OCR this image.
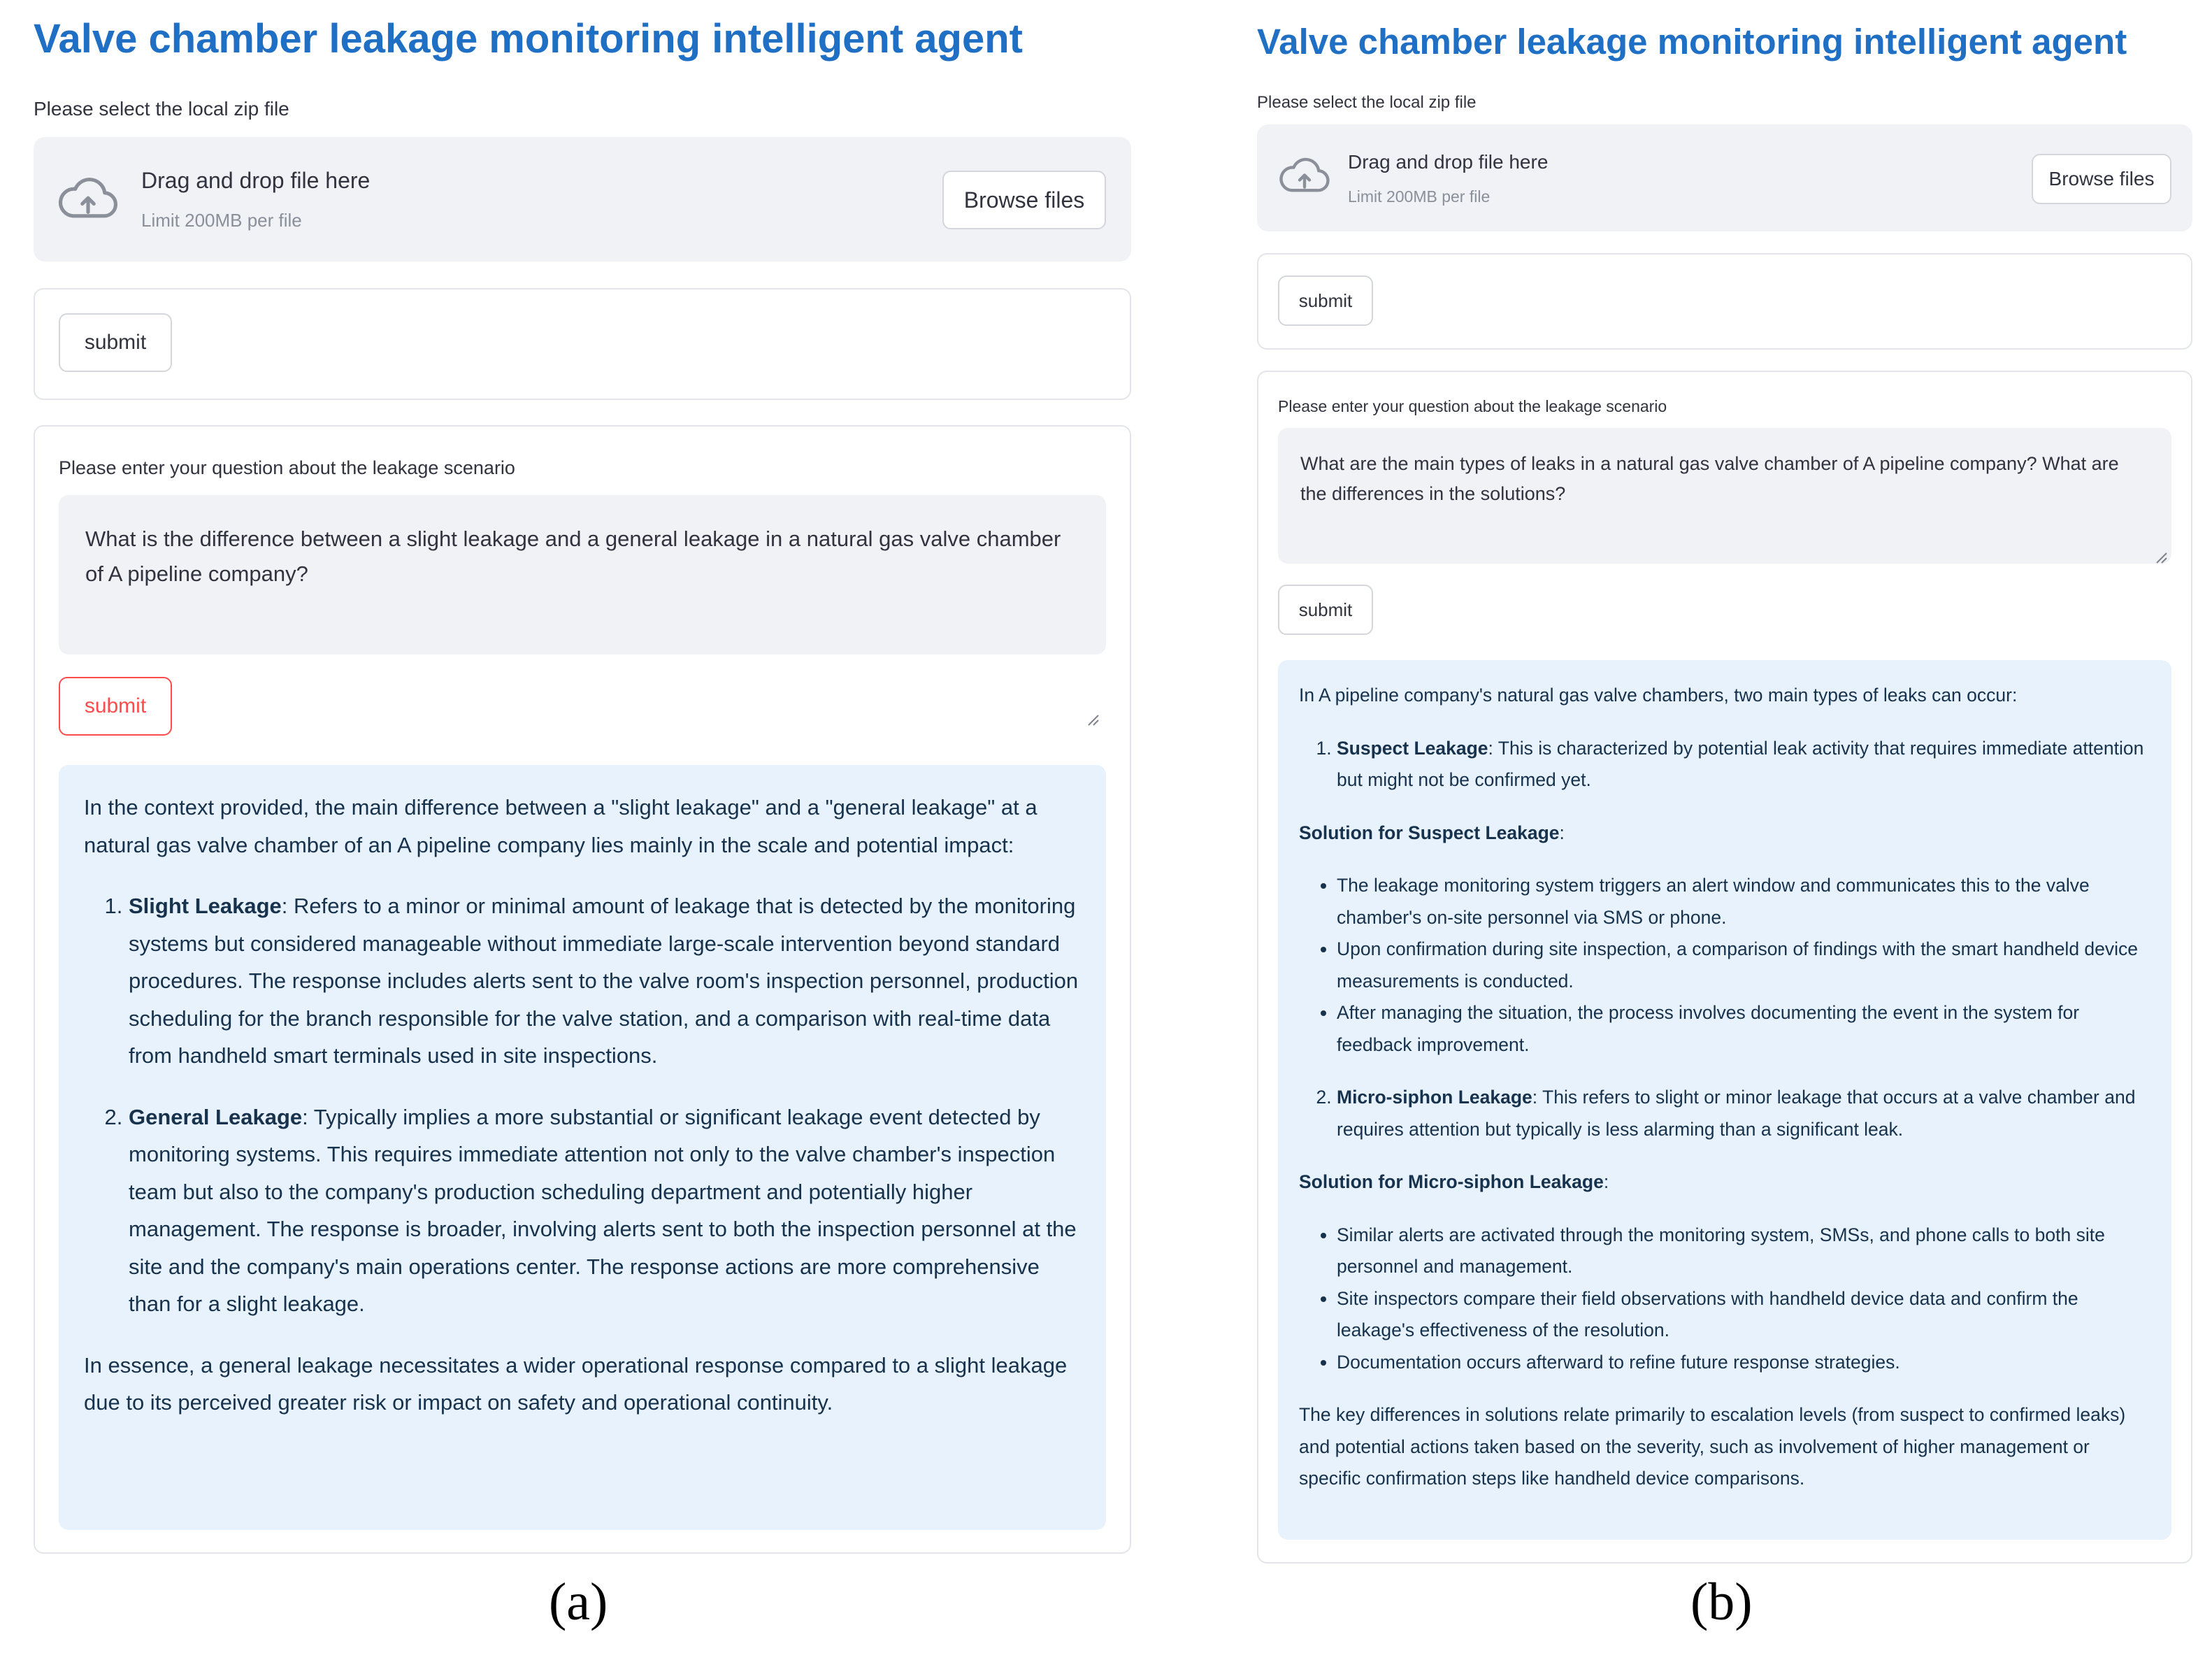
Valve chamber leakage monitoring intelligent agent
Please select the local zip file
Drag and drop file here
Limit 200MB per file
Browse files
submit
Please enter your question about the leakage scenario
What is the difference between a slight leakage and a general leakage in a natural gas valve chamber of A pipeline company?
submit

In the context provided, the main difference between a "slight leakage" and a "general leakage" at a natural gas valve chamber of an A pipeline company lies mainly in the scale and potential impact:

1. Slight Leakage: Refers to a minor or minimal amount of leakage that is detected by the monitoring systems but considered manageable without immediate large-scale intervention beyond standard procedures. The response includes alerts sent to the valve room's inspection personnel, production scheduling for the branch responsible for the valve station, and a comparison with real-time data from handheld smart terminals used in site inspections.
2. General Leakage: Typically implies a more substantial or significant leakage event detected by monitoring systems. This requires immediate attention not only to the valve chamber's inspection team but also to the company's production scheduling department and potentially higher management. The response is broader, involving alerts sent to both the inspection personnel at the site and the company's main operations center. The response actions are more comprehensive than for a slight leakage.

In essence, a general leakage necessitates a wider operational response compared to a slight leakage due to its perceived greater risk or impact on safety and operational continuity.

Valve chamber leakage monitoring intelligent agent
Please select the local zip file
Drag and drop file here
Limit 200MB per file
Browse files
submit
Please enter your question about the leakage scenario
What are the main types of leaks in a natural gas valve chamber of A pipeline company? What are the differences in the solutions?
submit

In A pipeline company's natural gas valve chambers, two main types of leaks can occur:

1. Suspect Leakage: This is characterized by potential leak activity that requires immediate attention but might not be confirmed yet.

Solution for Suspect Leakage:

• The leakage monitoring system triggers an alert window and communicates this to the valve chamber's on-site personnel via SMS or phone.
• Upon confirmation during site inspection, a comparison of findings with the smart handheld device measurements is conducted.
• After managing the situation, the process involves documenting the event in the system for feedback improvement.
2. Micro-siphon Leakage: This refers to slight or minor leakage that occurs at a valve chamber and requires attention but typically is less alarming than a significant leak.

Solution for Micro-siphon Leakage:

• Similar alerts are activated through the monitoring system, SMSs, and phone calls to both site personnel and management.
• Site inspectors compare their field observations with handheld device data and confirm the leakage's effectiveness of the resolution.
• Documentation occurs afterward to refine future response strategies.

The key differences in solutions relate primarily to escalation levels (from suspect to confirmed leaks) and potential actions taken based on the severity, such as involvement of higher management or specific confirmation steps like handheld device comparisons.

(a)	(b)
